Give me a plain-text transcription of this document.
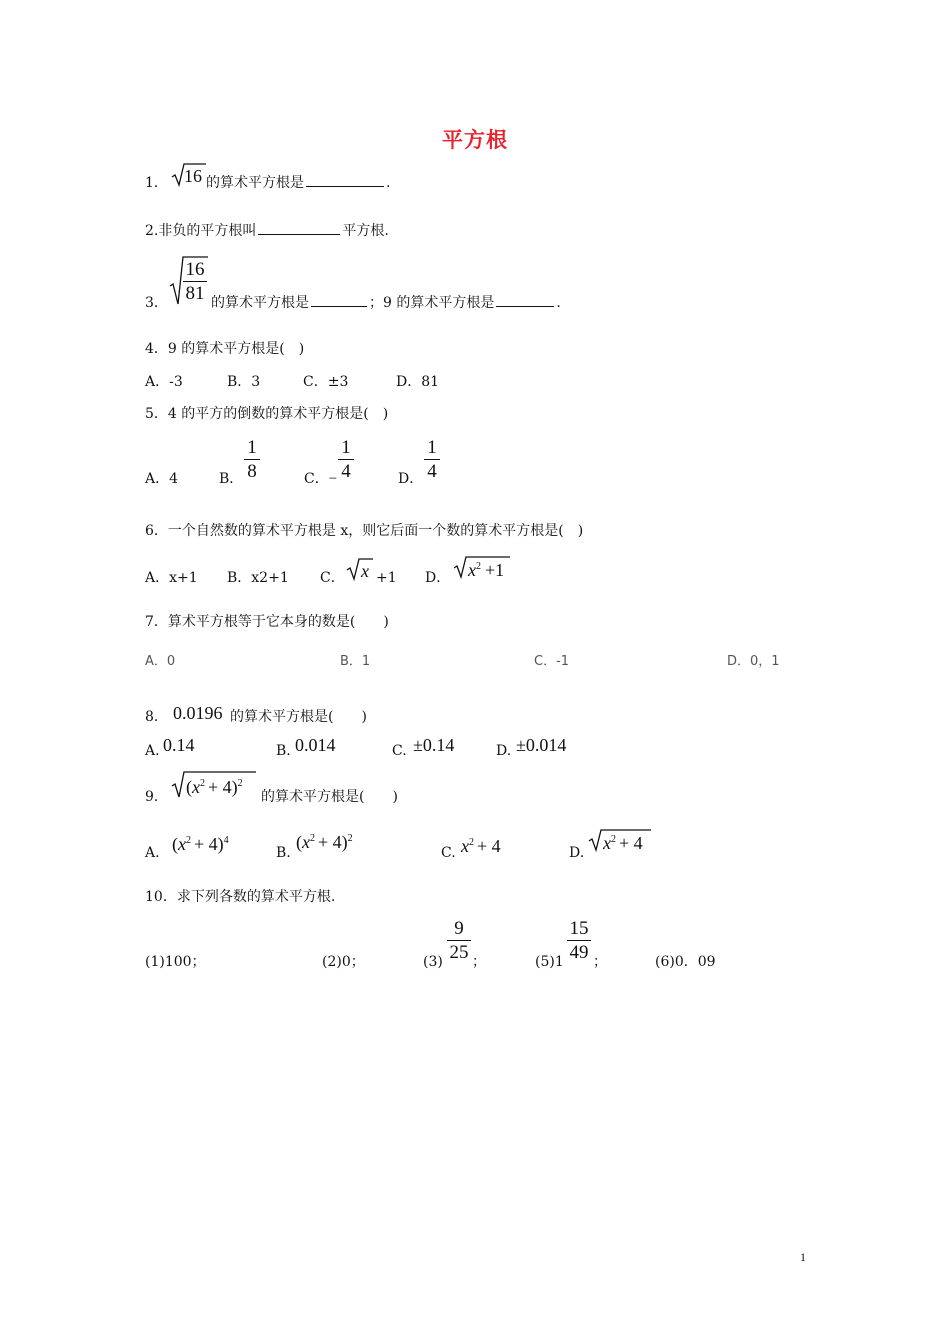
平方根
1． 16 的算术平方根是	.
2.非负的平方根叫	平方根.
3．
16
81 的算术平方根是	；9 的算术平方根是	.
4．9 的算术平方根是(　)
A．-3	B．3	C．±3	D．81
5．4 的平方的倒数的算术平方根是(　)
A．4	B．
1
8	C．−
1
4	D．
1
4
6．一个自然数的算术平方根是 x，则它后面一个数的算术平方根是(　)
A．x+1 B．x2+1 C． x +1 D． $x^2 +1$
7．算术平方根等于它本身的数是(　　)
A．0	B．1	C．-1	D．0，1
8． 0.0196 的算术平方根是(　　)
A. 0.14	B. 0.014	C. ±0.14	D. ±0.014
9． $(x^2 + 4)^2$
的算术平方根是(　　)
A. $(x^2 + 4)^4$
B.
$(x^2 + 4)^2$
C. $x^2 + 4$	D. $x^2 + 4$
10．求下列各数的算术平方根.
(1)100；	(2)0；	(3)
9
25 ；	(5)1
15
49 ；	(6)0．09
1
